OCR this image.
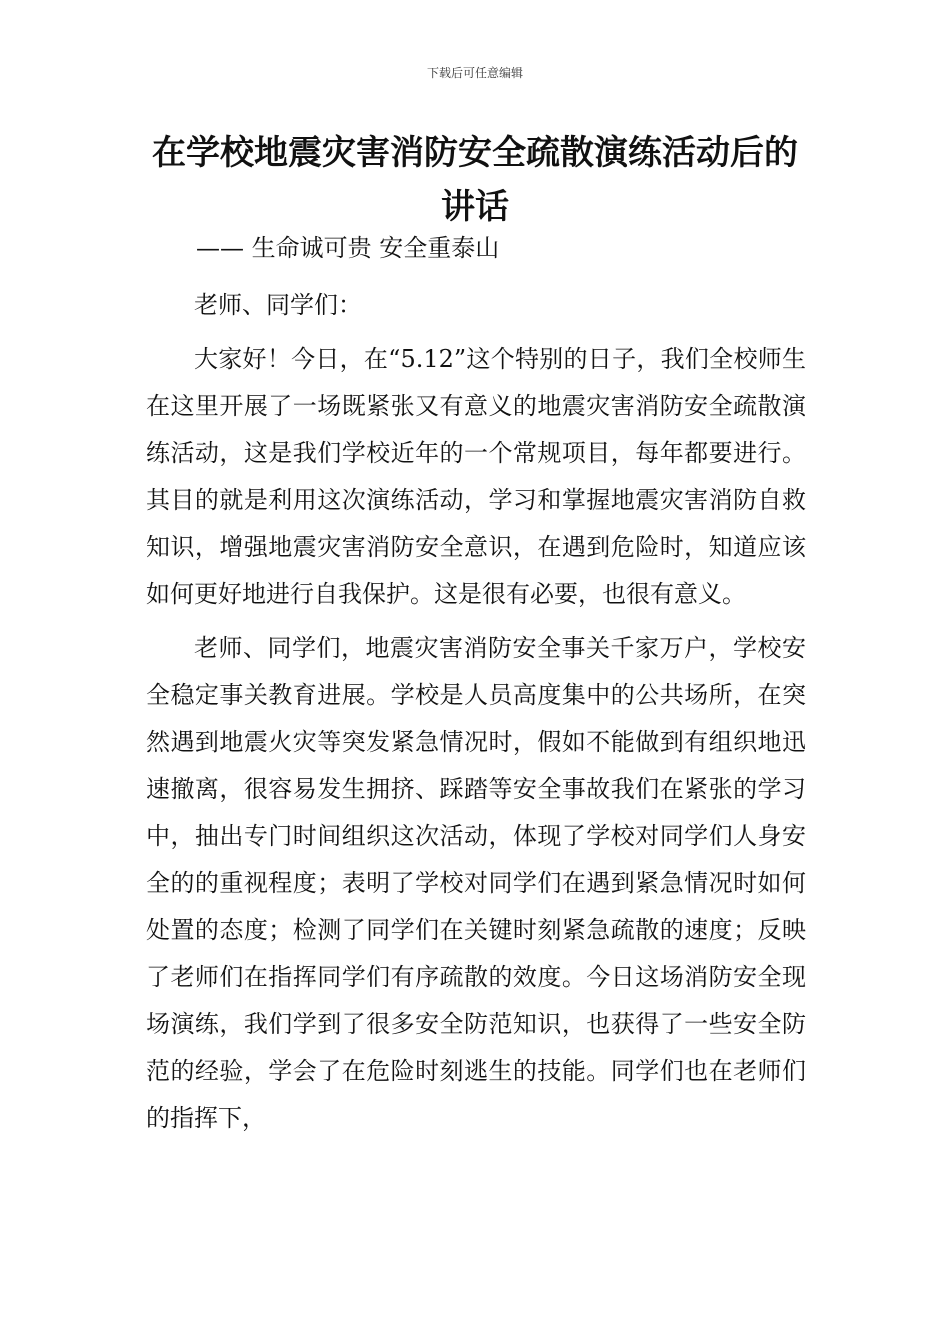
下载后可任意编辑
在学校地震灾害消防安全疏散演练活动后的讲话

—— 生命诚可贵 安全重泰山

老师、同学们：

大家好！今日，在“5.12”这个特别的日子，我们全校师生在这里开展了一场既紧张又有意义的地震灾害消防安全疏散演练活动，这是我们学校近年的一个常规项目，每年都要进行。其目的就是利用这次演练活动，学习和掌握地震灾害消防自救知识，增强地震灾害消防安全意识，在遇到危险时，知道应该如何更好地进行自我保护。这是很有必要，也很有意义。

老师、同学们，地震灾害消防安全事关千家万户，学校安全稳定事关教育进展。学校是人员高度集中的公共场所，在突然遇到地震火灾等突发紧急情况时，假如不能做到有组织地迅速撤离，很容易发生拥挤、踩踏等安全事故我们在紧张的学习中，抽出专门时间组织这次活动，体现了学校对同学们人身安全的的重视程度；表明了学校对同学们在遇到紧急情况时如何处置的态度；检测了同学们在关键时刻紧急疏散的速度；反映了老师们在指挥同学们有序疏散的效度。今日这场消防安全现场演练，我们学到了很多安全防范知识，也获得了一些安全防范的经验，学会了在危险时刻逃生的技能。同学们也在老师们的指挥下，
